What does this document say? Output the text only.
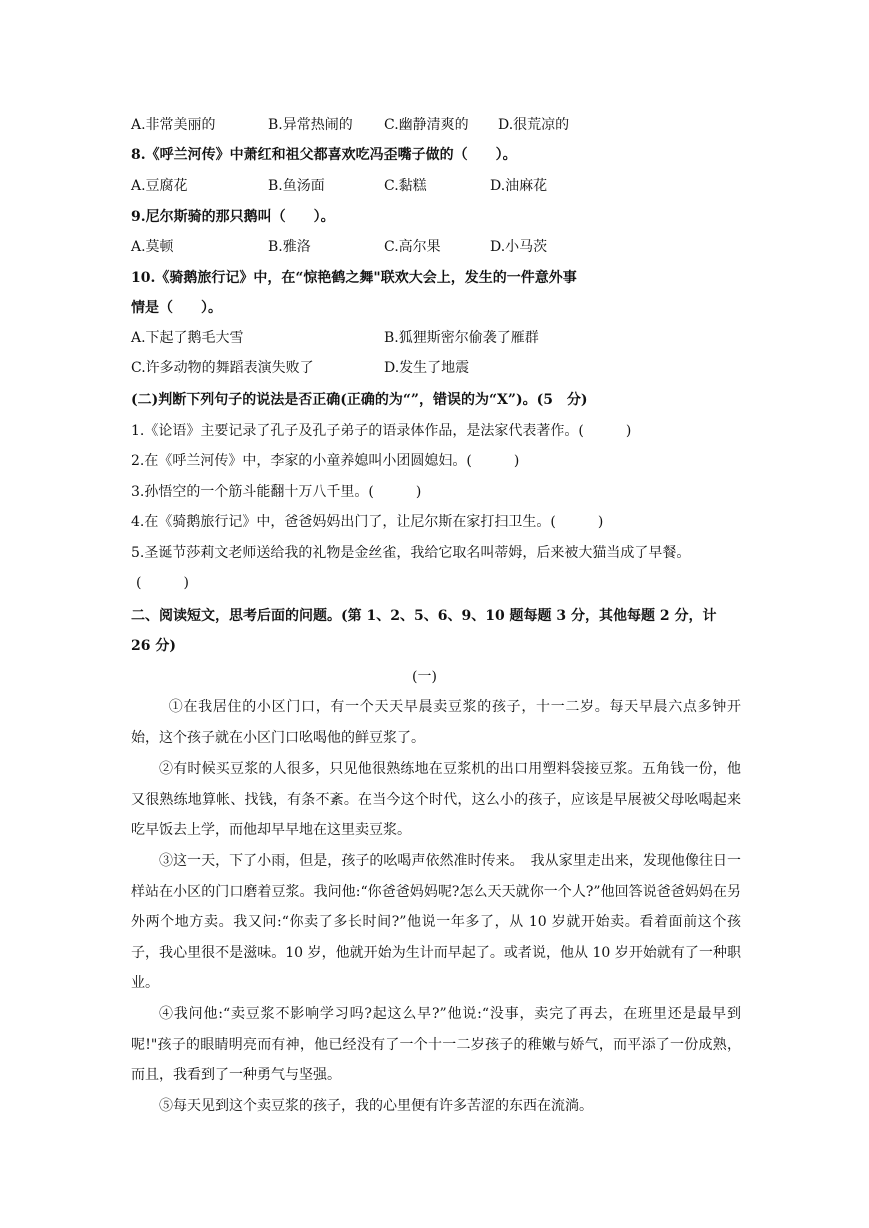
A.非常美丽的	B.异常热闹的 C.幽静清爽的 D.很荒凉的
8.《呼兰河传》中萧红和祖父都喜欢吃冯歪嘴子做的（　　）。
A.豆腐花	B.鱼汤面	C.黏糕	D.油麻花
9.尼尔斯骑的那只鹅叫（　　）。
A.莫顿	B.雅洛	C.高尔果	D.小马茨
10.《骑鹅旅行记》中，在“惊艳鹤之舞"联欢大会上，发生的一件意外事
情是（　　）。
A.下起了鹅毛大雪	B.狐狸斯密尔偷袭了雁群
C.许多动物的舞蹈表演失败了	D.发生了地震
(二)判断下列句子的说法是否正确(正确的为“”，错误的为“X”)。(5　分)
1.《论语》主要记录了孔子及孔子弟子的语录体作品，是法家代表著作。(　　　)
2.在《呼兰河传》中，李家的小童养媳叫小团圆媳妇。(　　　)
3.孙悟空的一个筋斗能翻十万八千里。(　　　)
4.在《骑鹅旅行记》中，爸爸妈妈出门了，让尼尔斯在家打扫卫生。(　　　)
5.圣诞节莎莉文老师送给我的礼物是金丝雀，我给它取名叫蒂姆，后来被大猫当成了早餐。
(　　　)
二、阅读短文，思考后面的问题。(第 1、2、5、6、9、10 题每题 3 分，其他每题 2 分，计
26 分)
(一)
①在我居住的小区门口，有一个天天早晨卖豆浆的孩子，十一二岁。每天早晨六点多钟开始，这个孩子就在小区门口吆喝他的鲜豆浆了。
②有时候买豆浆的人很多，只见他很熟练地在豆浆机的出口用塑料袋接豆浆。五角钱一份，他又很熟练地算帐、找钱，有条不紊。在当今这个时代，这么小的孩子，应该是早展被父母吆喝起来吃早饭去上学，而他却早早地在这里卖豆浆。
③这一天，下了小雨，但是，孩子的吆喝声依然准时传来。　我从家里走出来，发现他像往日一样站在小区的门口磨着豆浆。我问他:“你爸爸妈妈呢?怎么天天就你一个人?”他回答说爸爸妈妈在另外两个地方卖。我又问:“你卖了多长时间?”他说一年多了，从 10 岁就开始卖。看着面前这个孩子，我心里很不是滋味。10 岁，他就开始为生计而早起了。或者说，他从 10 岁开始就有了一种职业。
④我问他:“卖豆浆不影响学习吗?起这么早?”他说:“没事，卖完了再去，在班里还是最早到呢!"孩子的眼睛明亮而有神，他已经没有了一个十一二岁孩子的稚嫩与娇气，而平添了一份成熟，而且，我看到了一种勇气与坚强。
⑤每天见到这个卖豆浆的孩子，我的心里便有许多苦涩的东西在流淌。
